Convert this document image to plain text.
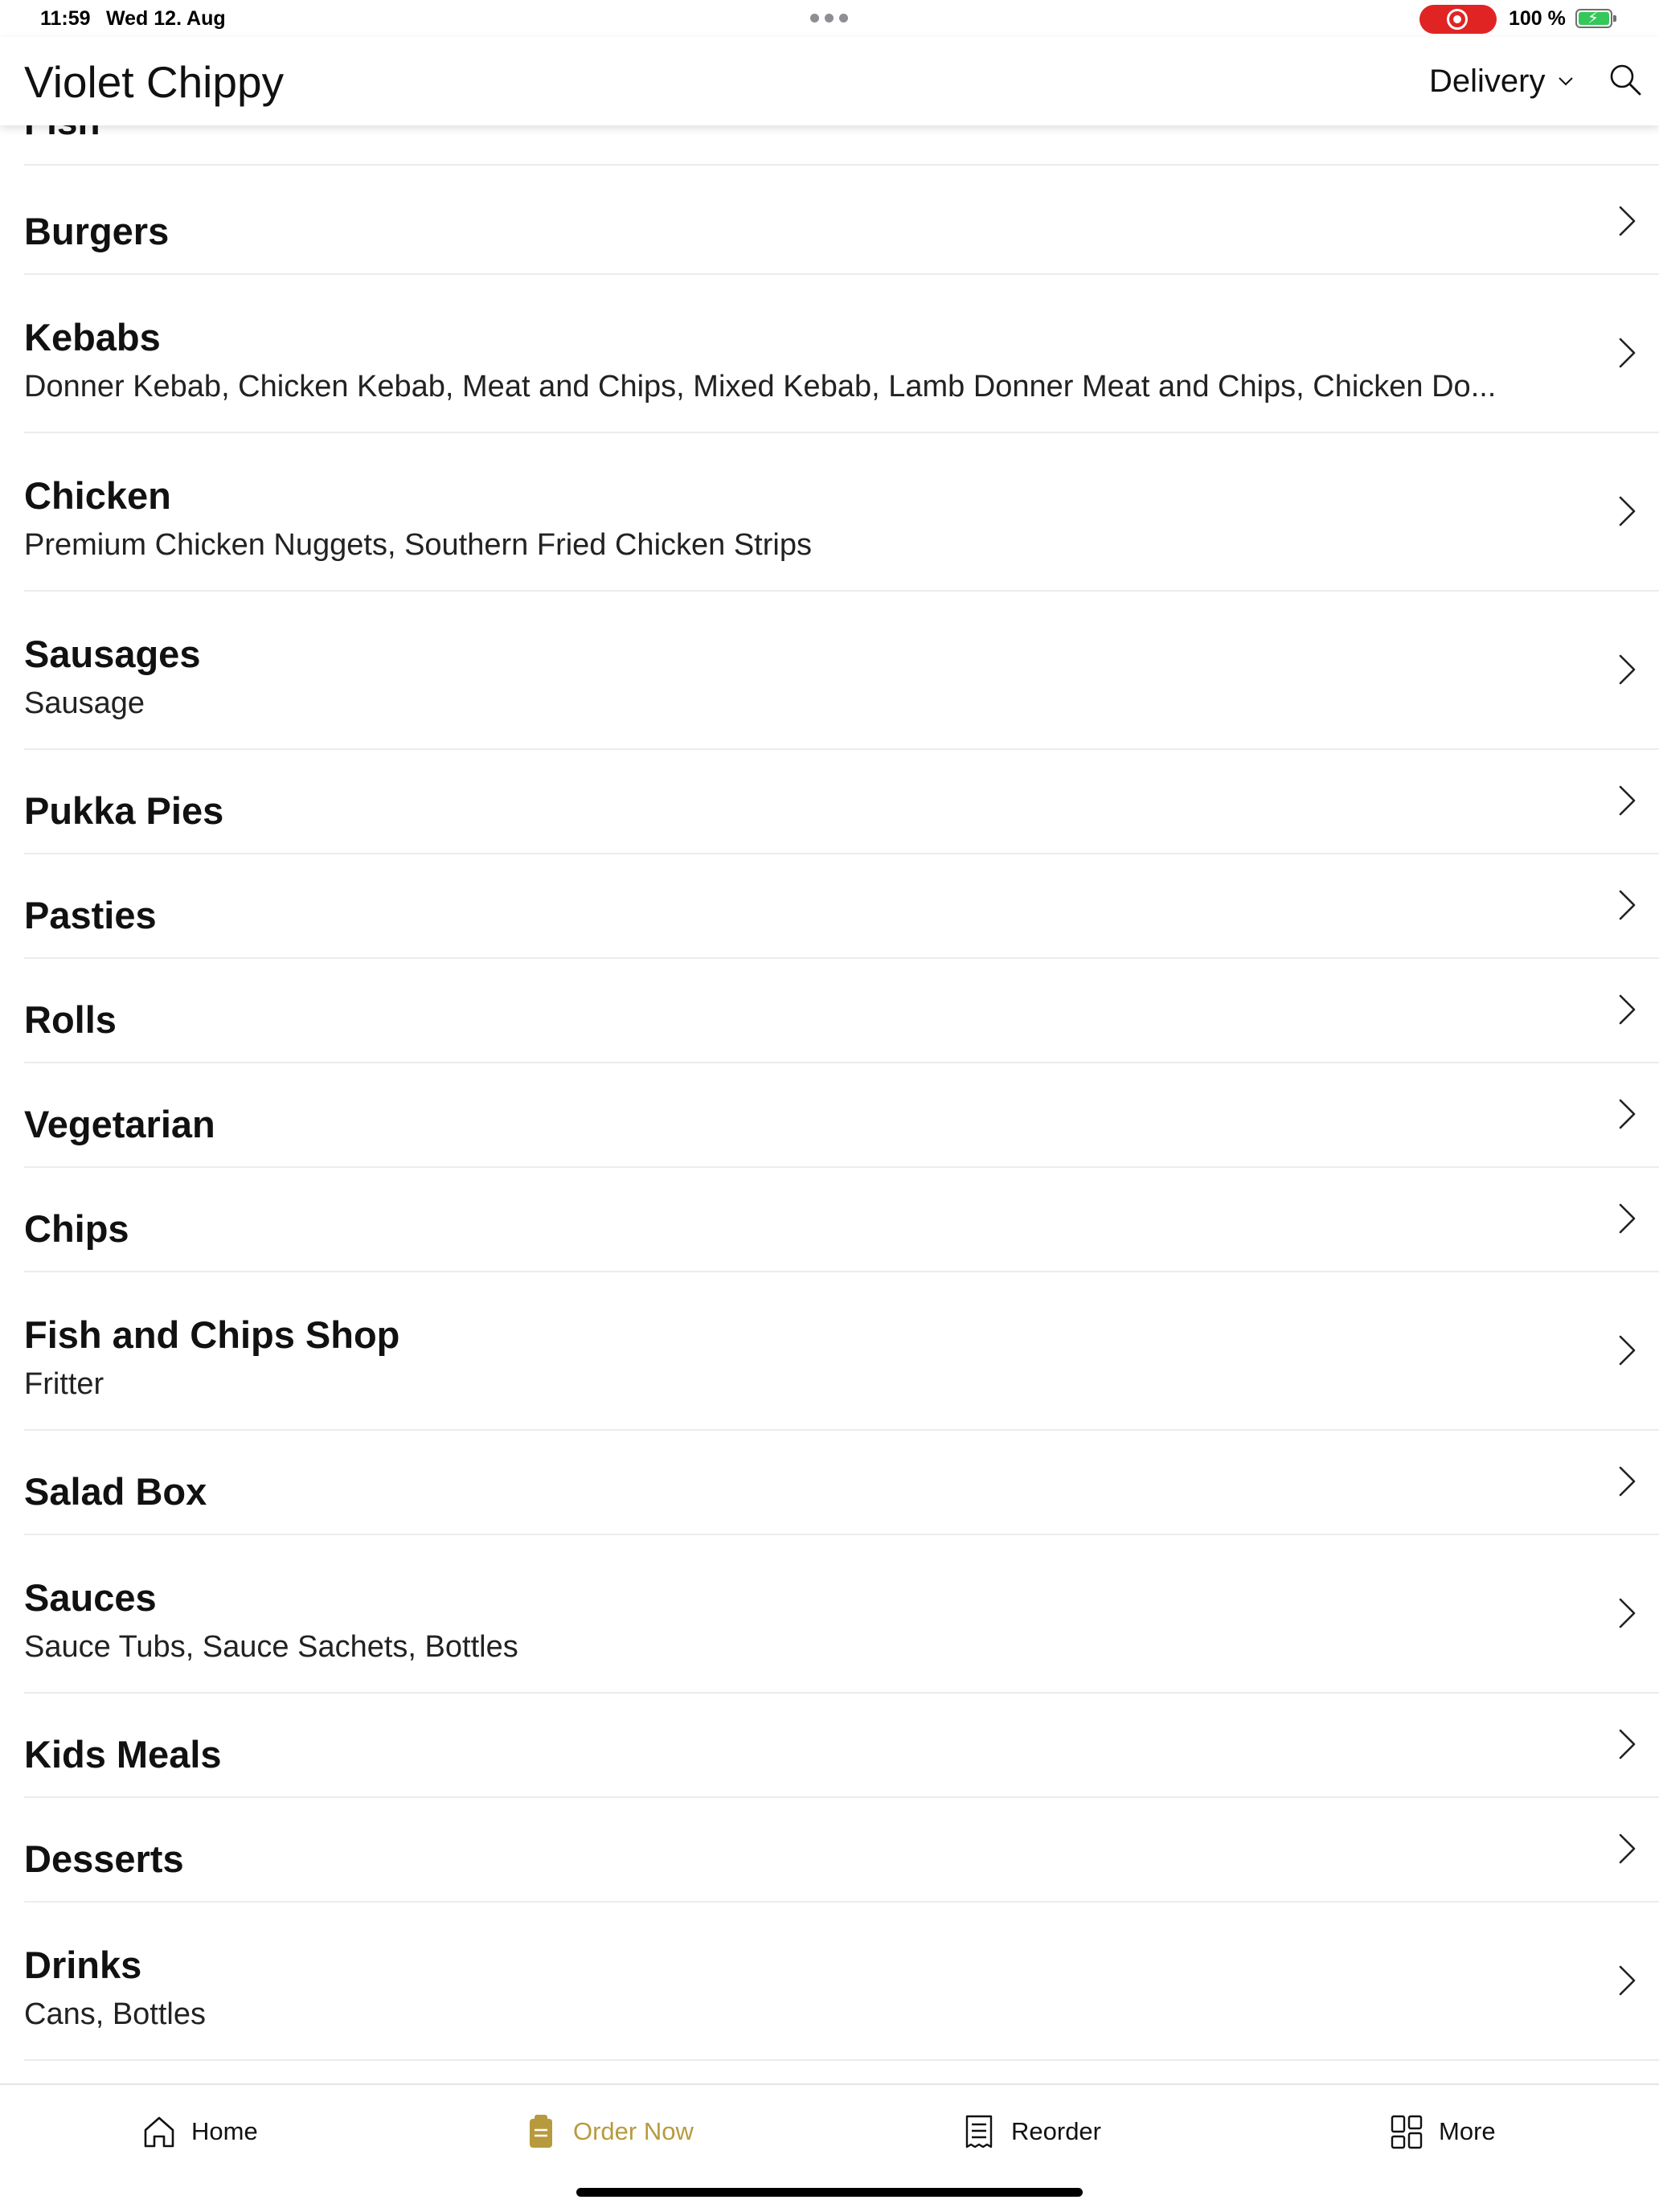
11:59 Wed 12. Aug	100 % ⚡
Violet Chippy	Delivery
Burgers
Kebabs
Donner Kebab, Chicken Kebab, Meat and Chips, Mixed Kebab, Lamb Donner Meat and Chips, Chicken Do...
Chicken
Premium Chicken Nuggets, Southern Fried Chicken Strips
Sausages
Sausage
Pukka Pies
Pasties
Rolls
Vegetarian
Chips
Fish and Chips Shop
Fritter
Salad Box
Sauces
Sauce Tubs, Sauce Sachets, Bottles
Kids Meals
Desserts
Drinks
Cans, Bottles
Home	Order Now	Reorder	More
